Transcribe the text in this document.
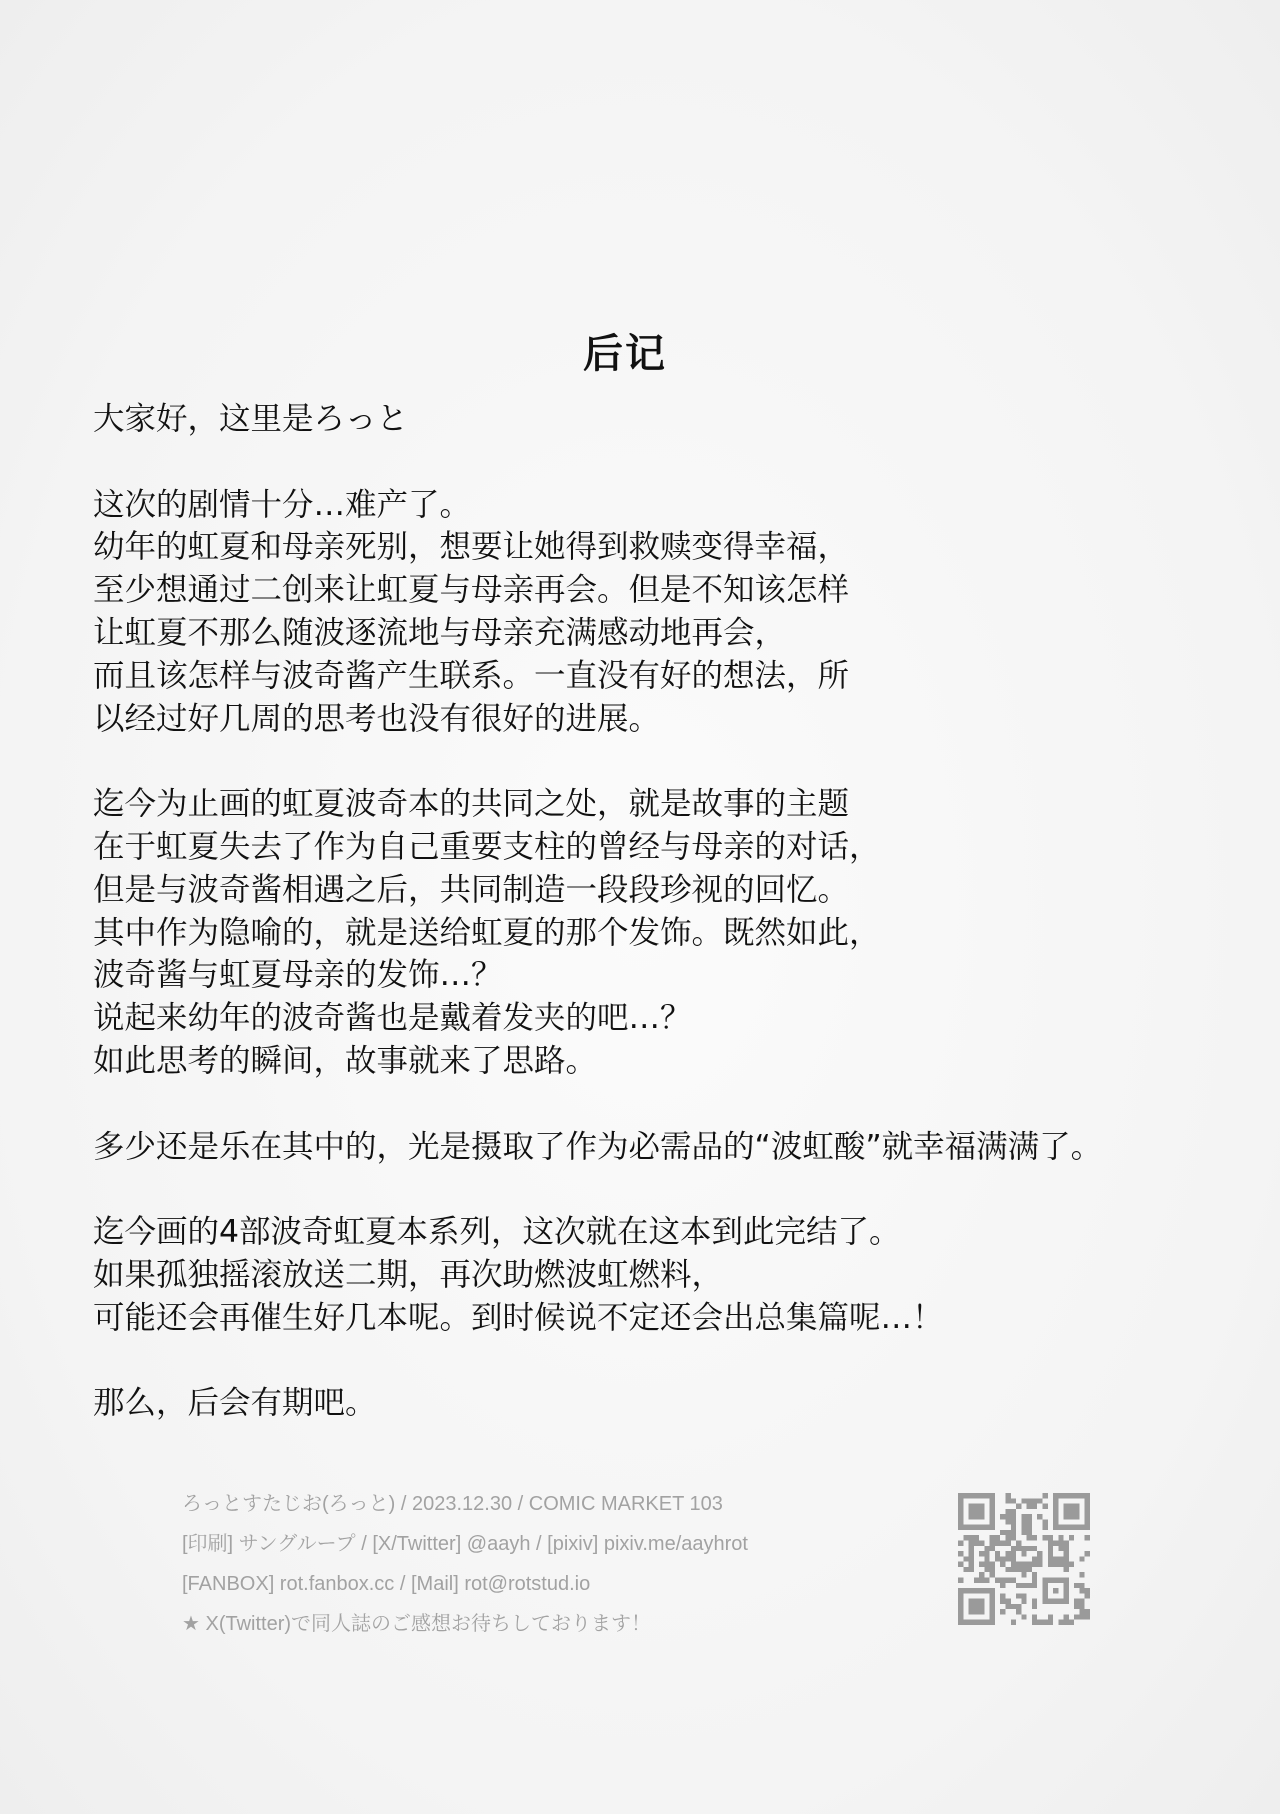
后记
大家好，这里是ろっと
这次的剧情十分…难产了。
幼年的虹夏和母亲死别，想要让她得到救赎变得幸福，
至少想通过二创来让虹夏与母亲再会。但是不知该怎样
让虹夏不那么随波逐流地与母亲充满感动地再会，
而且该怎样与波奇酱产生联系。一直没有好的想法，所
以经过好几周的思考也没有很好的进展。
迄今为止画的虹夏波奇本的共同之处，就是故事的主题
在于虹夏失去了作为自己重要支柱的曾经与母亲的对话，
但是与波奇酱相遇之后，共同制造一段段珍视的回忆。
其中作为隐喻的，就是送给虹夏的那个发饰。既然如此，
波奇酱与虹夏母亲的发饰…？
说起来幼年的波奇酱也是戴着发夹的吧…？
如此思考的瞬间，故事就来了思路。
多少还是乐在其中的，光是摄取了作为必需品的“波虹酸”就幸福满满了。
迄今画的4部波奇虹夏本系列，这次就在这本到此完结了。
如果孤独摇滚放送二期，再次助燃波虹燃料，
可能还会再催生好几本呢。到时候说不定还会出总集篇呢…！
那么，后会有期吧。
ろっとすたじお(ろっと) / 2023.12.30 / COMIC MARKET 103
[印刷] サングループ / [X/Twitter] @aayh / [pixiv] pixiv.me/aayhrot
[FANBOX] rot.fanbox.cc / [Mail] rot@rotstud.io
★ X(Twitter)で同人誌のご感想お待ちしております！
